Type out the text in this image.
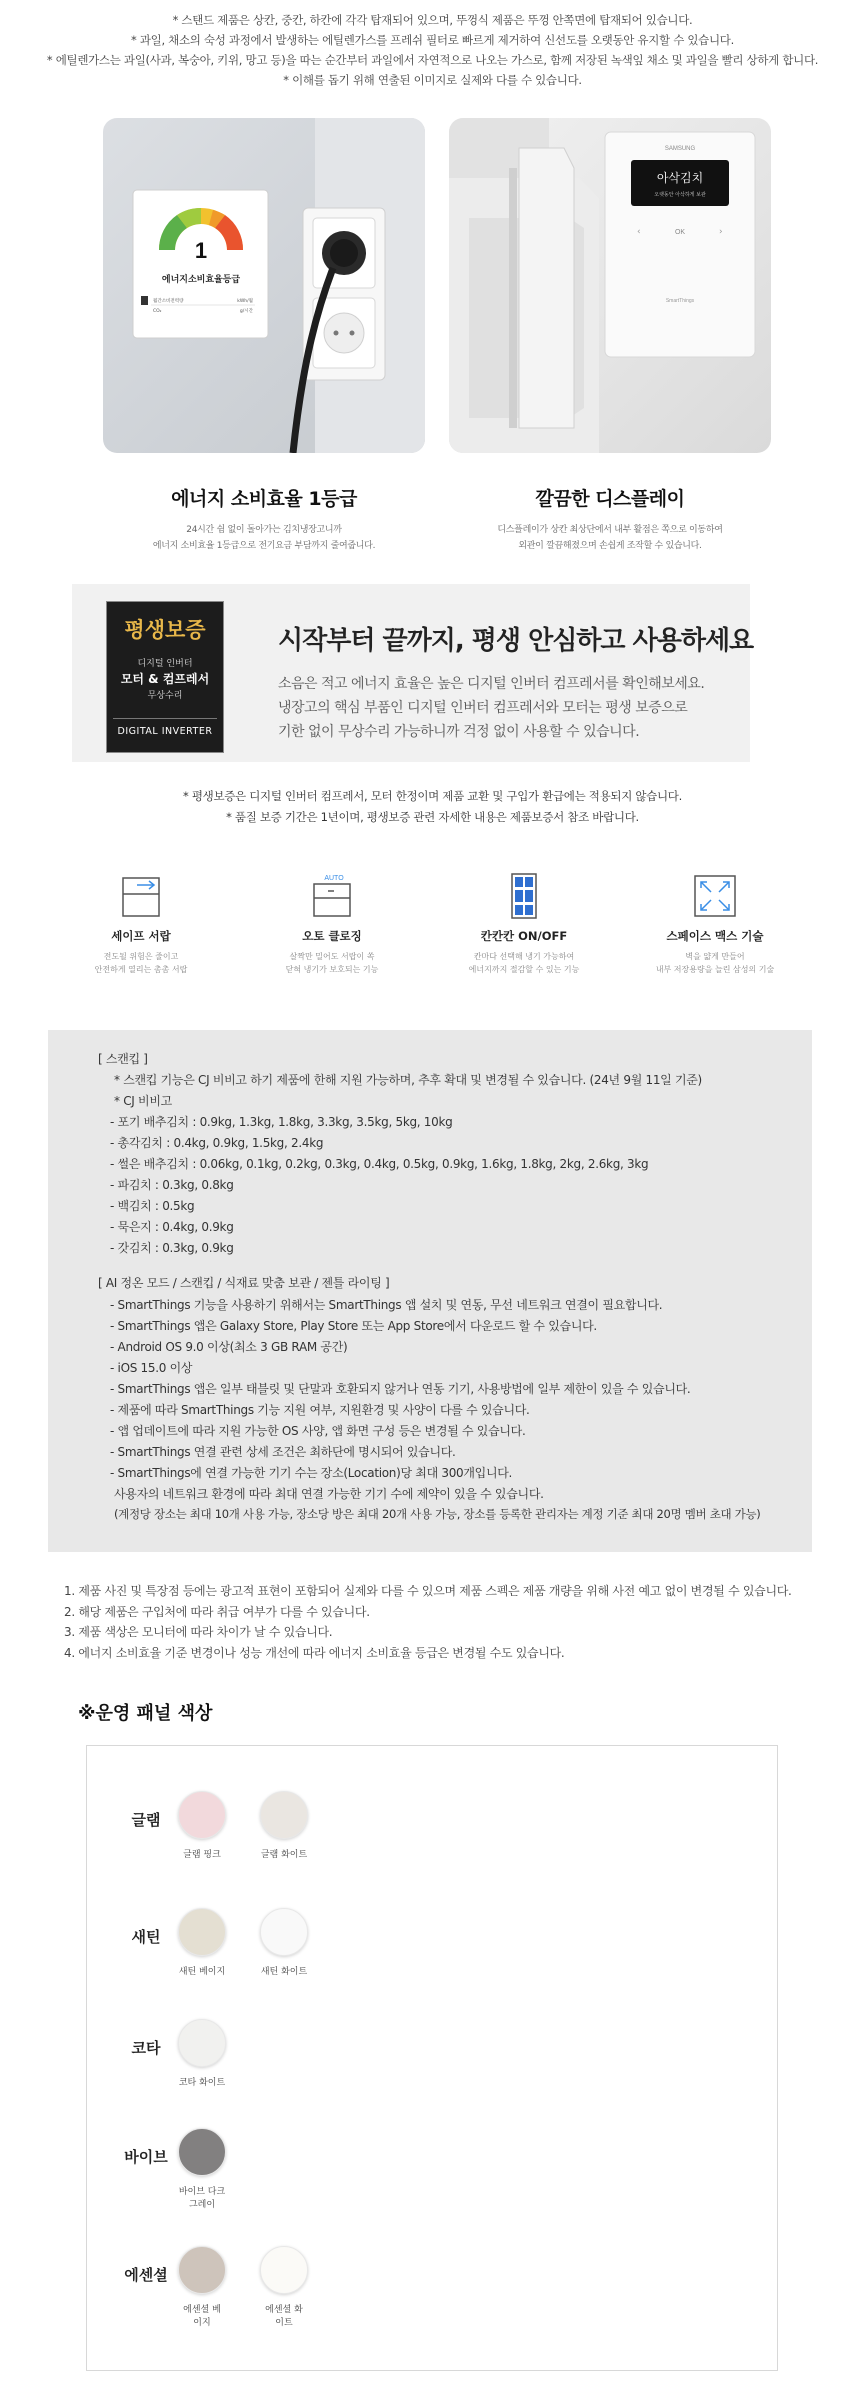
* 스탠드 제품은 상칸, 중칸, 하칸에 각각 탑재되어 있으며, 뚜껑식 제품은 뚜껑 안쪽면에 탑재되어 있습니다.
* 과일, 채소의 숙성 과정에서 발생하는 에틸렌가스를 프레쉬 필터로 빠르게 제거하여 신선도를 오랫동안 유지할 수 있습니다.
* 에틸렌가스는 과일(사과, 복숭아, 키위, 망고 등)을 따는 순간부터 과일에서 자연적으로 나오는 가스로, 함께 저장된 녹색잎 채소 및 과일을 빨리 상하게 합니다.
* 이해를 돕기 위해 연출된 이미지로 실제와 다를 수 있습니다.
1
에너지소비효율등급
월간소비전력량	kWh/월
CO₂	g/시간
SAMSUNG
아삭김치
오랫동안 아삭하게 보관
‹	OK	›
SmartThings
에너지 소비효율 1등급	깔끔한 디스플레이
24시간 쉼 없이 돌아가는 김치냉장고니까
에너지 소비효율 1등급으로 전기요금 부담까지 줄여줍니다.
디스플레이가 상칸 최상단에서 내부 활점은 쪽으로 이동하여
외관이 깔끔해졌으며 손쉽게 조작할 수 있습니다.
평생보증
디지털 인버터
모터 & 컴프레서
무상수리
DIGITAL INVERTER
시작부터 끝까지, 평생 안심하고 사용하세요
소음은 적고 에너지 효율은 높은 디지털 인버터 컴프레서를 확인해보세요.
냉장고의 핵심 부품인 디지털 인버터 컴프레서와 모터는 평생 보증으로
기한 없이 무상수리 가능하니까 걱정 없이 사용할 수 있습니다.
* 평생보증은 디지털 인버터 컴프레서, 모터 한정이며 제품 교환 및 구입가 환급에는 적용되지 않습니다.
* 품질 보증 기간은 1년이며, 평생보증 관련 자세한 내용은 제품보증서 참조 바랍니다.
세이프 서랍
전도될 위험은 줄이고
안전하게 열리는 촘촘 서랍
AUTO
오토 클로징
살짝만 밀어도 서랍이 쏙
닫혀 냉기가 보호되는 기능
칸칸칸 ON/OFF
칸마다 선택해 냉기 가능하여
에너지까지 절감할 수 있는 기능
스페이스 맥스 기술
벽을 얇게 만들어
내부 저장용량을 늘린 삼성의 기술
[ 스캔킵 ]
* 스캔킵 기능은 CJ 비비고 하기 제품에 한해 지원 가능하며, 추후 확대 및 변경될 수 있습니다. (24년 9월 11일 기준)
* CJ 비비고
- 포기 배추김치 : 0.9kg, 1.3kg, 1.8kg, 3.3kg, 3.5kg, 5kg, 10kg
- 총각김치 : 0.4kg, 0.9kg, 1.5kg, 2.4kg
- 썰은 배추김치 : 0.06kg, 0.1kg, 0.2kg, 0.3kg, 0.4kg, 0.5kg, 0.9kg, 1.6kg, 1.8kg, 2kg, 2.6kg, 3kg
- 파김치 : 0.3kg, 0.8kg
- 백김치 : 0.5kg
- 묵은지 : 0.4kg, 0.9kg
- 갓김치 : 0.3kg, 0.9kg
[ AI 정온 모드 / 스캔킵 / 식재료 맞춤 보관 / 젠틀 라이팅 ]
- SmartThings 기능을 사용하기 위해서는 SmartThings 앱 설치 및 연동, 무선 네트워크 연결이 필요합니다.
- SmartThings 앱은 Galaxy Store, Play Store 또는 App Store에서 다운로드 할 수 있습니다.
- Android OS 9.0 이상(최소 3 GB RAM 공간)
- iOS 15.0 이상
- SmartThings 앱은 일부 태블릿 및 단말과 호환되지 않거나 연동 기기, 사용방법에 일부 제한이 있을 수 있습니다.
- 제품에 따라 SmartThings 기능 지원 여부, 지원환경 및 사양이 다를 수 있습니다.
- 앱 업데이트에 따라 지원 가능한 OS 사양, 앱 화면 구성 등은 변경될 수 있습니다.
- SmartThings 연결 관련 상세 조건은 최하단에 명시되어 있습니다.
- SmartThings에 연결 가능한 기기 수는 장소(Location)당 최대 300개입니다.
사용자의 네트워크 환경에 따라 최대 연결 가능한 기기 수에 제약이 있을 수 있습니다.
(계정당 장소는 최대 10개 사용 가능, 장소당 방은 최대 20개 사용 가능, 장소를 등록한 관리자는 계정 기준 최대 20명 멤버 초대 가능)
1. 제품 사진 및 특장점 등에는 광고적 표현이 포함되어 실제와 다를 수 있으며 제품 스펙은 제품 개량을 위해 사전 예고 없이 변경될 수 있습니다.
2. 해당 제품은 구입처에 따라 취급 여부가 다를 수 있습니다.
3. 제품 색상은 모니터에 따라 차이가 날 수 있습니다.
4. 에너지 소비효율 기준 변경이나 성능 개선에 따라 에너지 소비효율 등급은 변경될 수도 있습니다.
※운영 패널 색상
글램
글램 핑크	글램 화이트
새틴
새틴 베이지	새틴 화이트
코타
코타 화이트
바이브
바이브 다크 그레이
에센셜
에센셜 베이지
에센셜 화이트
